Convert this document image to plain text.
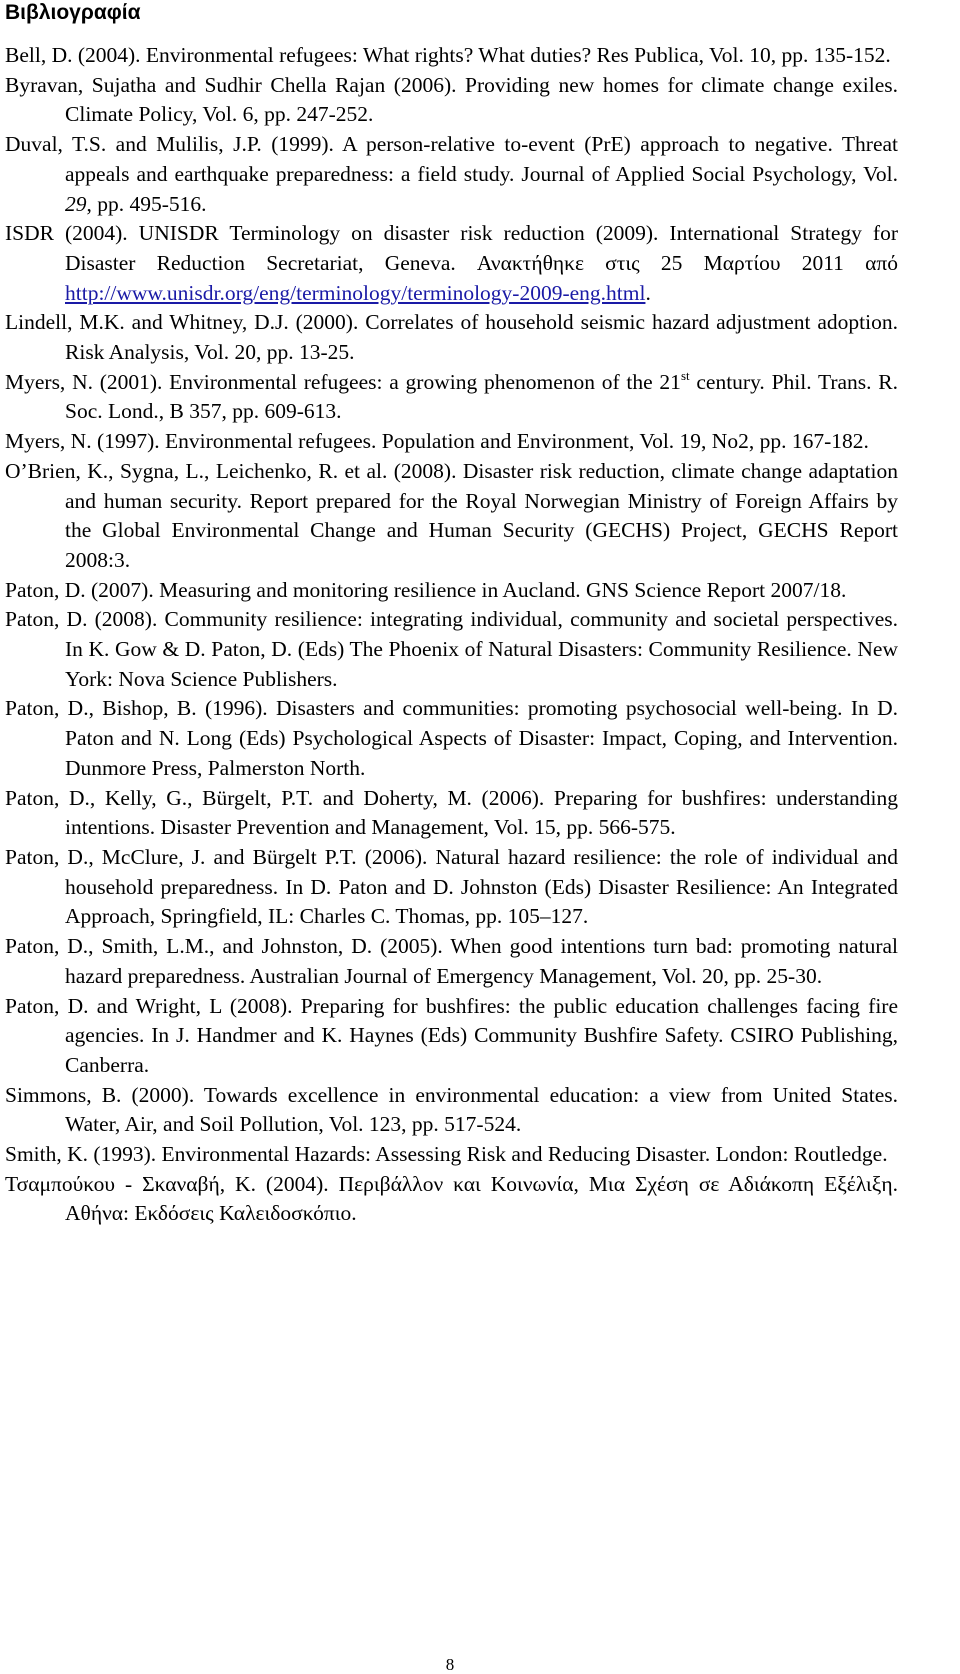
Βιβλιογραφία
Bell, D. (2004). Environmental refugees: What rights? What duties? Res Publica, Vol. 10, pp. 135-152.
Byravan, Sujatha and Sudhir Chella Rajan (2006). Providing new homes for climate change exiles. Climate Policy, Vol. 6, pp. 247-252.
Duval, T.S. and Mulilis, J.P. (1999). A person-relative to-event (PrE) approach to negative. Threat appeals and earthquake preparedness: a field study. Journal of Applied Social Psychology, Vol. 29, pp. 495-516.
ISDR (2004). UNISDR Terminology on disaster risk reduction (2009). International Strategy for Disaster Reduction Secretariat, Geneva. Ανακτήθηκε στις 25 Μαρτίου 2011 από http://www.unisdr.org/eng/terminology/terminology-2009-eng.html.
Lindell, M.K. and Whitney, D.J. (2000). Correlates of household seismic hazard adjustment adoption. Risk Analysis, Vol. 20, pp. 13-25.
Myers, N. (2001). Environmental refugees: a growing phenomenon of the 21st century. Phil. Trans. R. Soc. Lond., B 357, pp. 609-613.
Myers, N. (1997). Environmental refugees. Population and Environment, Vol. 19, No2, pp. 167-182.
O’Brien, K., Sygna, L., Leichenko, R. et al. (2008). Disaster risk reduction, climate change adaptation and human security. Report prepared for the Royal Norwegian Ministry of Foreign Affairs by the Global Environmental Change and Human Security (GECHS) Project, GECHS Report 2008:3.
Paton, D. (2007). Measuring and monitoring resilience in Aucland. GNS Science Report 2007/18.
Paton, D. (2008). Community resilience: integrating individual, community and societal perspectives. In K. Gow & D. Paton, D. (Eds) The Phoenix of Natural Disasters: Community Resilience. New York: Nova Science Publishers.
Paton, D., Bishop, B. (1996). Disasters and communities: promoting psychosocial well-being. In D. Paton and N. Long (Eds) Psychological Aspects of Disaster: Impact, Coping, and Intervention. Dunmore Press, Palmerston North.
Paton, D., Kelly, G., Bürgelt, P.T. and Doherty, M. (2006). Preparing for bushfires: understanding intentions. Disaster Prevention and Management, Vol. 15, pp. 566-575.
Paton, D., McClure, J. and Bürgelt P.T. (2006). Natural hazard resilience: the role of individual and household preparedness. In D. Paton and D. Johnston (Eds) Disaster Resilience: An Integrated Approach, Springfield, IL: Charles C. Thomas, pp. 105–127.
Paton, D., Smith, L.M., and Johnston, D. (2005). When good intentions turn bad: promoting natural hazard preparedness. Australian Journal of Emergency Management, Vol. 20, pp. 25-30.
Paton, D. and Wright, L (2008). Preparing for bushfires: the public education challenges facing fire agencies. In J. Handmer and K. Haynes (Eds) Community Bushfire Safety. CSIRO Publishing, Canberra.
Simmons, B. (2000). Towards excellence in environmental education: a view from United States. Water, Air, and Soil Pollution, Vol. 123, pp. 517-524.
Smith, K. (1993). Environmental Hazards: Assessing Risk and Reducing Disaster. London: Routledge.
Τσαμπούκου - Σκαναβή, Κ. (2004). Περιβάλλον και Κοινωνία, Μια Σχέση σε Αδιάκοπη Εξέλιξη. Αθήνα: Εκδόσεις Καλειδοσκόπιο.
8
